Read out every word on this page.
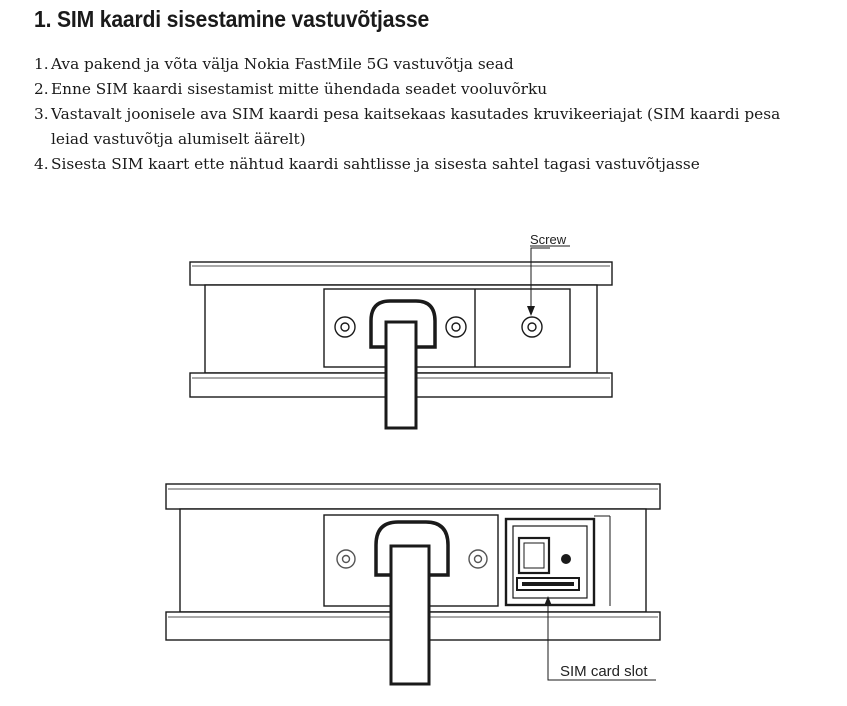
1. SIM kaardi sisestamine vastuvõtjasse
1. Ava pakend ja võta välja Nokia FastMile 5G vastuvõtja sead
2. Enne SIM kaardi sisestamist mitte ühendada seadet vooluvõrku
3. Vastavalt joonisele ava SIM kaardi pesa kaitsekaas kasutades kruvikeeriajat (SIM kaardi pesa leiad vastuvõtja alumiselt äärelt)
4. Sisesta SIM kaart ette nähtud kaardi sahtlisse ja sisesta sahtel tagasi vastuvõtjasse
Screw
SIM card slot
